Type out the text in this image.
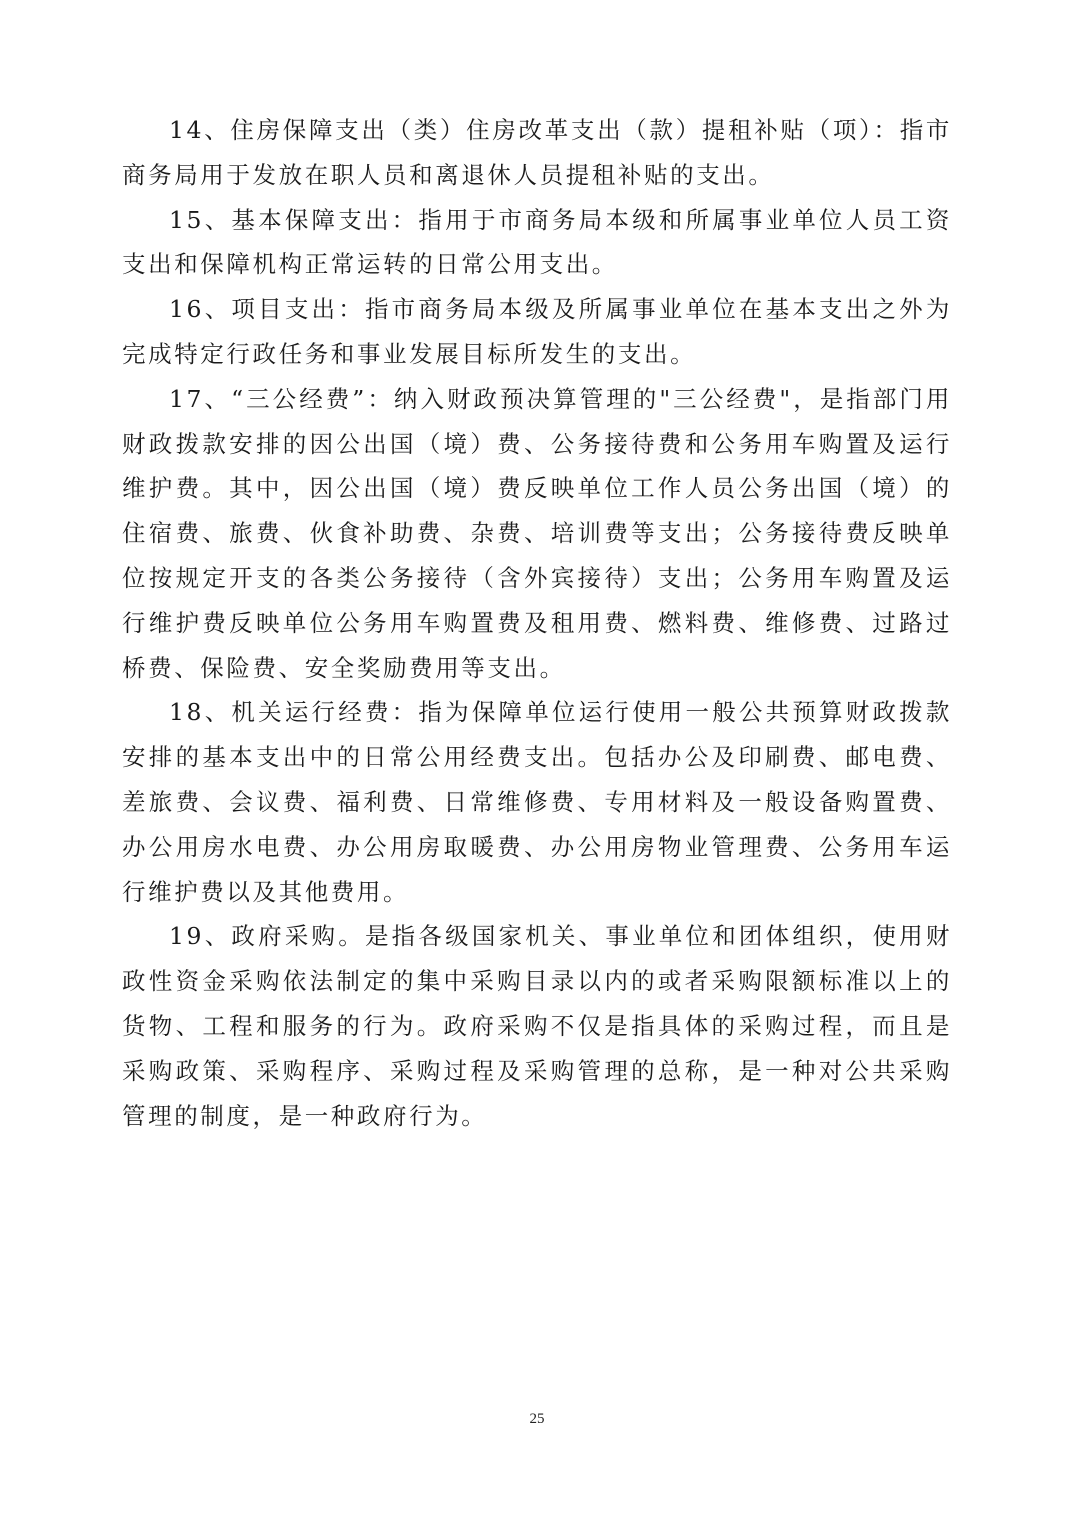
14、住房保障支出（类）住房改革支出（款）提租补贴（项）：指市商务局用于发放在职人员和离退休人员提租补贴的支出。

15、基本保障支出：指用于市商务局本级和所属事业单位人员工资支出和保障机构正常运转的日常公用支出。

16、项目支出：指市商务局本级及所属事业单位在基本支出之外为完成特定行政任务和事业发展目标所发生的支出。

17、“三公经费”：纳入财政预决算管理的"三公经费"，是指部门用财政拨款安排的因公出国（境）费、公务接待费和公务用车购置及运行维护费。其中，因公出国（境）费反映单位工作人员公务出国（境）的住宿费、旅费、伙食补助费、杂费、培训费等支出；公务接待费反映单位按规定开支的各类公务接待（含外宾接待）支出；公务用车购置及运行维护费反映单位公务用车购置费及租用费、燃料费、维修费、过路过桥费、保险费、安全奖励费用等支出。

18、机关运行经费：指为保障单位运行使用一般公共预算财政拨款安排的基本支出中的日常公用经费支出。包括办公及印刷费、邮电费、差旅费、会议费、福利费、日常维修费、专用材料及一般设备购置费、办公用房水电费、办公用房取暖费、办公用房物业管理费、公务用车运行维护费以及其他费用。

19、政府采购。是指各级国家机关、事业单位和团体组织，使用财政性资金采购依法制定的集中采购目录以内的或者采购限额标准以上的货物、工程和服务的行为。政府采购不仅是指具体的采购过程，而且是采购政策、采购程序、采购过程及采购管理的总称，是一种对公共采购管理的制度，是一种政府行为。

25
